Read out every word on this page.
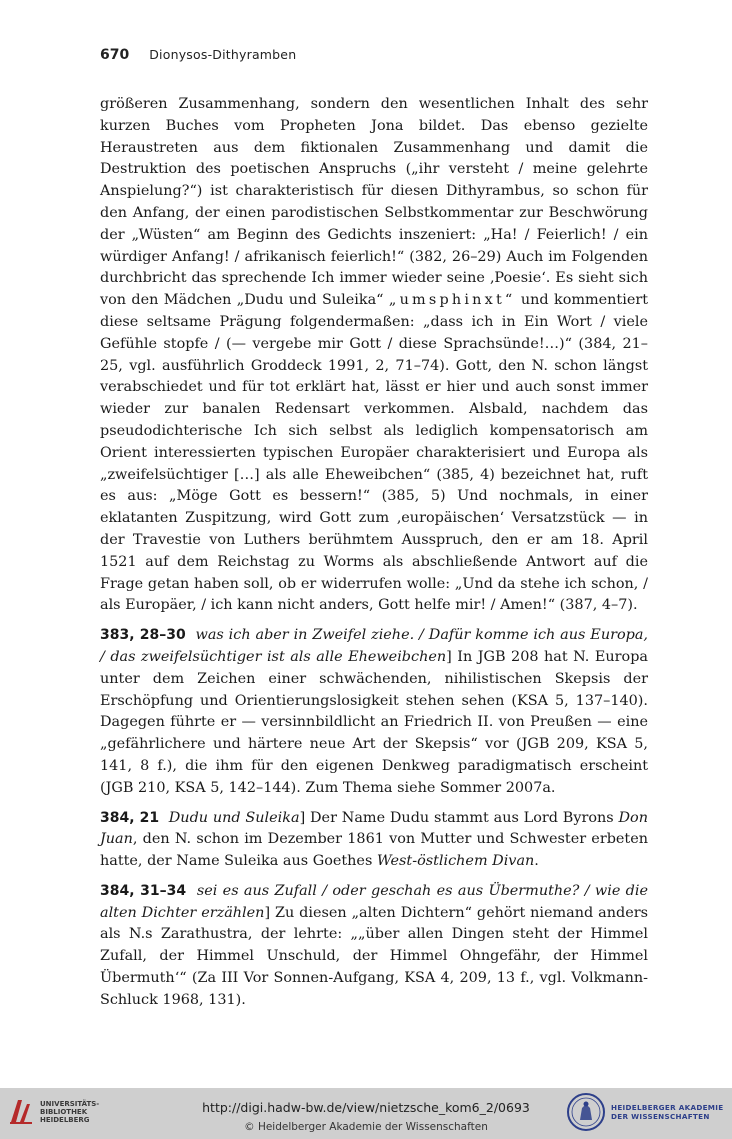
670 Dionysos-Dithyramben

größeren Zusammenhang, sondern den wesentlichen Inhalt des sehr kurzen Buches vom Propheten Jona bildet. Das ebenso gezielte Heraustreten aus dem fiktionalen Zusammenhang und damit die Destruktion des poetischen Anspruchs („ihr versteht / meine gelehrte Anspielung?“) ist charakteristisch für diesen Dithyrambus, so schon für den Anfang, der einen parodistischen Selbstkommentar zur Beschwörung der „Wüsten“ am Beginn des Gedichts inszeniert: „Ha! / Feierlich! / ein würdiger Anfang! / afrikanisch feierlich!“ (382, 26–29) Auch im Folgenden durchbricht das sprechende Ich immer wieder seine ‚Poesie‘. Es sieht sich von den Mädchen „Dudu und Suleika“ „umsphinxt“ und kommentiert diese seltsame Prägung folgendermaßen: „dass ich in Ein Wort / viele Gefühle stopfe / (— vergebe mir Gott / diese Sprachsünde!…)“ (384, 21–25, vgl. ausführlich Groddeck 1991, 2, 71–74). Gott, den N. schon längst verabschiedet und für tot erklärt hat, lässt er hier und auch sonst immer wieder zur banalen Redensart verkommen. Alsbald, nachdem das pseudodichterische Ich sich selbst als lediglich kompensatorisch am Orient interessierten typischen Europäer charakterisiert und Europa als „zweifelsüchtiger […] als alle Eheweibchen“ (385, 4) bezeichnet hat, ruft es aus: „Möge Gott es bessern!“ (385, 5) Und nochmals, in einer eklatanten Zuspitzung, wird Gott zum ‚europäischen‘ Versatzstück — in der Travestie von Luthers berühmtem Ausspruch, den er am 18. April 1521 auf dem Reichstag zu Worms als abschließende Antwort auf die Frage getan haben soll, ob er widerrufen wolle: „Und da stehe ich schon, / als Europäer, / ich kann nicht anders, Gott helfe mir! / Amen!“ (387, 4–7).

383, 28–30 was ich aber in Zweifel ziehe. / Dafür komme ich aus Europa, / das zweifelsüchtiger ist als alle Eheweibchen] In JGB 208 hat N. Europa unter dem Zeichen einer schwächenden, nihilistischen Skepsis der Erschöpfung und Orientierungslosigkeit stehen sehen (KSA 5, 137–140). Dagegen führte er — versinnbildlicht an Friedrich II. von Preußen — eine „gefährlichere und härtere neue Art der Skepsis“ vor (JGB 209, KSA 5, 141, 8 f.), die ihm für den eigenen Denkweg paradigmatisch erscheint (JGB 210, KSA 5, 142–144). Zum Thema siehe Sommer 2007a.

384, 21 Dudu und Suleika] Der Name Dudu stammt aus Lord Byrons Don Juan, den N. schon im Dezember 1861 von Mutter und Schwester erbeten hatte, der Name Suleika aus Goethes West-östlichem Divan.

384, 31–34 sei es aus Zufall / oder geschah es aus Übermuthe? / wie die alten Dichter erzählen] Zu diesen „alten Dichtern“ gehört niemand anders als N.s Zarathustra, der lehrte: „„über allen Dingen steht der Himmel Zufall, der Himmel Unschuld, der Himmel Ohngefähr, der Himmel Übermuth‘“ (Za III Vor Sonnen-Aufgang, KSA 4, 209, 13 f., vgl. Volkmann-Schluck 1968, 131).

UNIVERSITÄTS-
BIBLIOTHEK
HEIDELBERG
http://digi.hadw-bw.de/view/nietzsche_kom6_2/0693
© Heidelberger Akademie der Wissenschaften
HEIDELBERGER AKADEMIE
DER WISSENSCHAFTEN
